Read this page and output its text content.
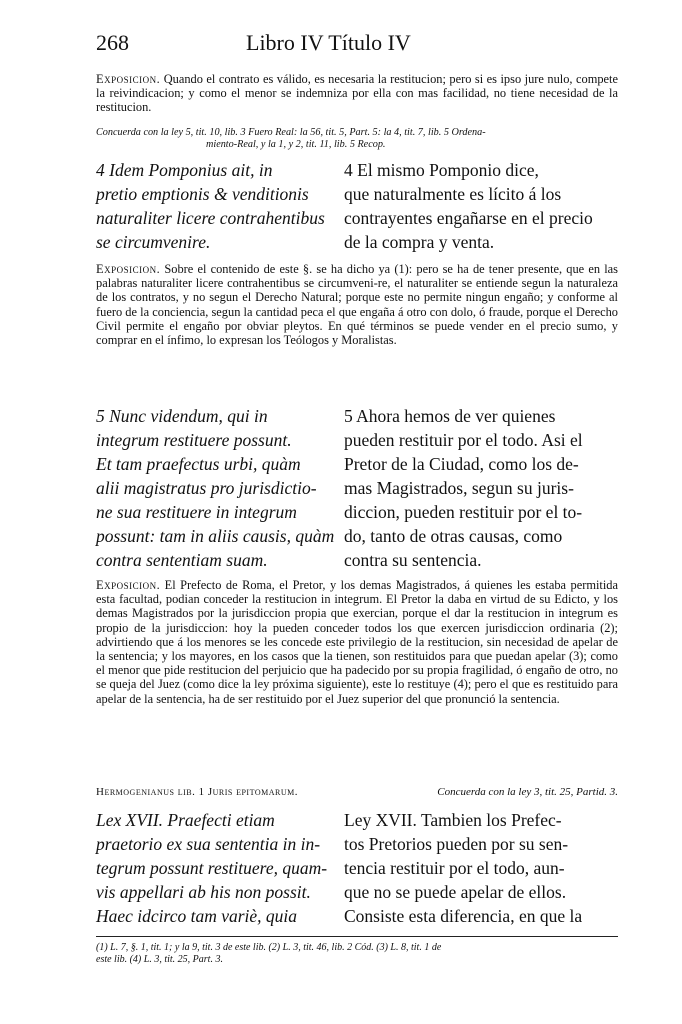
268	Libro IV Título IV
Exposicion. Quando el contrato es válido, es necesaria la restitucion; pero si es ipso jure nulo, compete la reivindicacion; y como el menor se indemniza por ella con mas facilidad, no tiene necesidad de la restitucion.
Concuerda con la ley 5, tit. 10, lib. 3 Fuero Real: la 56, tit. 5, Part. 5: la 4, tit. 7, lib. 5 Ordena-
miento-Real, y la 1, y 2, tit. 11, lib. 5 Recop.
4 Idem Pomponius ait, in
pretio emptionis & venditionis
naturaliter licere contrahentibus
se circumvenire.
4 El mismo Pomponio dice,
que naturalmente es lícito á los
contrayentes engañarse en el precio
de la compra y venta.
Exposicion. Sobre el contenido de este §. se ha dicho ya (1): pero se ha de tener presente, que en las palabras naturaliter licere contrahentibus se circumveni-re, el naturaliter se entiende segun la naturaleza de los contratos, y no segun el Derecho Natural; porque este no permite ningun engaño; y conforme al fuero de la conciencia, segun la cantidad peca el que engaña á otro con dolo, ó fraude, porque el Derecho Civil permite el engaño por obviar pleytos. En qué términos se puede vender en el precio sumo, y comprar en el ínfimo, lo expresan los Teólogos y Moralistas.
5 Nunc videndum, qui in
integrum restituere possunt.
Et tam praefectus urbi, quàm
alii magistratus pro jurisdictio-
ne sua restituere in integrum
possunt: tam in aliis causis, quàm
contra sententiam suam.
5 Ahora hemos de ver quienes
pueden restituir por el todo. Asi el
Pretor de la Ciudad, como los de-
mas Magistrados, segun su juris-
diccion, pueden restituir por el to-
do, tanto de otras causas, como
contra su sentencia.
Exposicion. El Prefecto de Roma, el Pretor, y los demas Magistrados, á quienes les estaba permitida esta facultad, podian conceder la restitucion in integrum. El Pretor la daba en virtud de su Edicto, y los demas Magistrados por la jurisdiccion propia que exercian, porque el dar la restitucion in integrum es propio de la jurisdiccion: hoy la pueden conceder todos los que exercen jurisdiccion ordinaria (2); advirtiendo que á los menores se les concede este privilegio de la restitucion, sin necesidad de apelar de la sentencia; y los mayores, en los casos que la tienen, son restituidos para que puedan apelar (3); como el menor que pide restitucion del perjuicio que ha padecido por su propia fragilidad, ó engaño de otro, no se queja del Juez (como dice la ley próxima siguiente), este lo restituye (4); pero el que es restituido para apelar de la sentencia, ha de ser restituido por el Juez superior del que pronunció la sentencia.
Hermogenianus lib. 1 Juris epitomarum.	Concuerda con la ley 3, tit. 25, Partid. 3.
Lex XVII. Praefecti etiam
praetorio ex sua sententia in in-
tegrum possunt restituere, quam-
vis appellari ab his non possit.
Haec idcirco tam variè, quia
Ley XVII. Tambien los Prefec-
tos Pretorios pueden por su sen-
tencia restituir por el todo, aun-
que no se puede apelar de ellos.
Consiste esta diferencia, en que la
(1) L. 7, §. 1, tit. 1; y la 9, tit. 3 de este lib. (2) L. 3, tit. 46, lib. 2 Cód. (3) L. 8, tit. 1 de
este lib. (4) L. 3, tit. 25, Part. 3.
